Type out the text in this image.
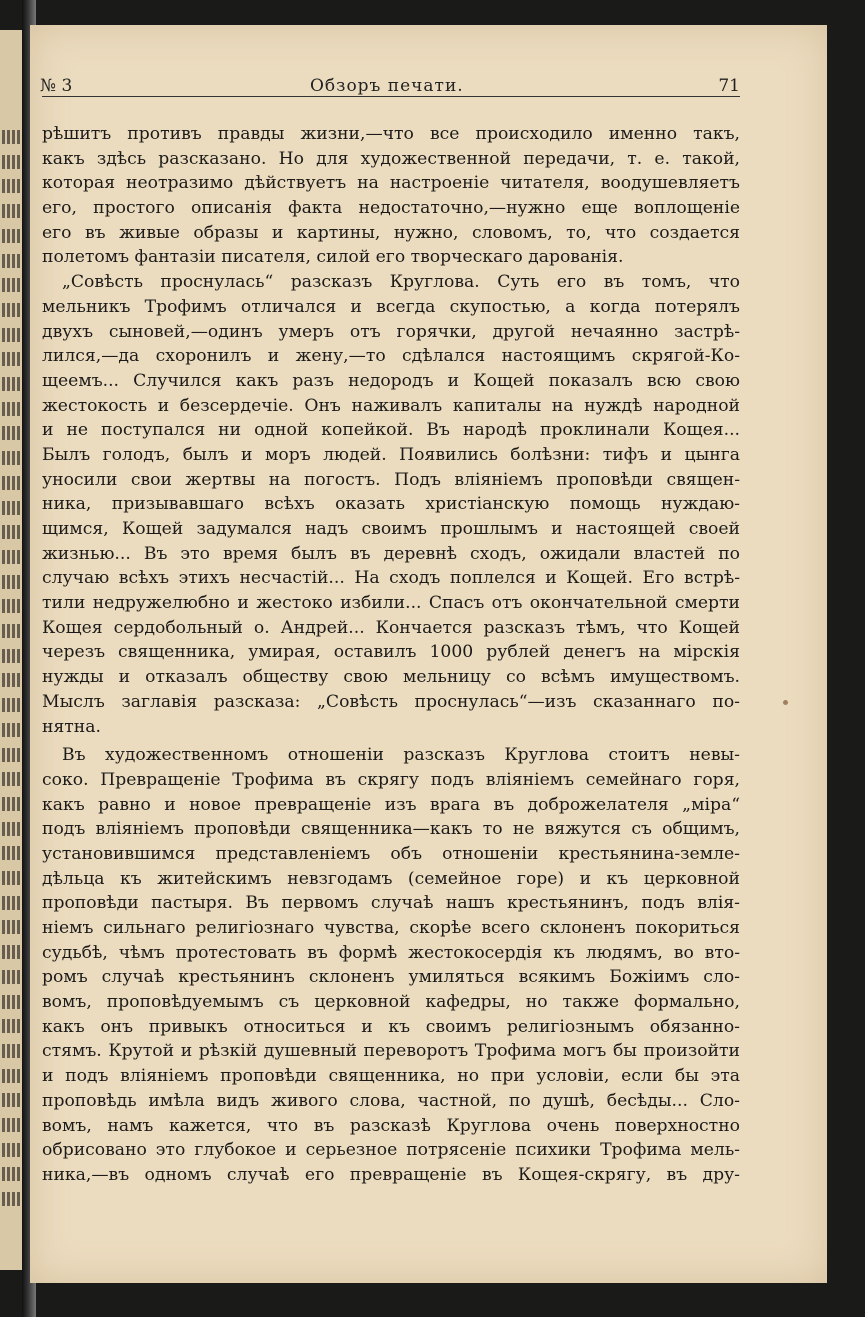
№ 3	Обзоръ печати.	71
рѣшитъ противъ правды жизни,—что все происходило именно такъ,
какъ здѣсь разсказано. Но для художественной передачи, т. е. такой,
которая неотразимо дѣйствуетъ на настроеніе читателя, воодушевляетъ
его, простого описанія факта недостаточно,—нужно еще воплощеніе
его въ живые образы и картины, нужно, словомъ, то, что создается
полетомъ фантазіи писателя, силой его творческаго дарованія.
„Совѣсть проснулась“ разсказъ Круглова. Суть его въ томъ, что
мельникъ Трофимъ отличался и всегда скупостью, а когда потерялъ
двухъ сыновей,—одинъ умеръ отъ горячки, другой нечаянно застрѣ-
лился,—да схоронилъ и жену,—то сдѣлался настоящимъ скрягой-Ко-
щеемъ... Случился какъ разъ недородъ и Кощей показалъ всю свою
жестокость и безсердечіе. Онъ наживалъ капиталы на нуждѣ народной
и не поступался ни одной копейкой. Въ народѣ проклинали Кощея...
Былъ голодъ, былъ и моръ людей. Появились болѣзни: тифъ и цынга
уносили свои жертвы на погостъ. Подъ вліяніемъ проповѣди священ-
ника, призывавшаго всѣхъ оказать христіанскую помощь нуждаю-
щимся, Кощей задумался надъ своимъ прошлымъ и настоящей своей
жизнью... Въ это время былъ въ деревнѣ сходъ, ожидали властей по
случаю всѣхъ этихъ несчастій... На сходъ поплелся и Кощей. Его встрѣ-
тили недружелюбно и жестоко избили... Спасъ отъ окончательной смерти
Кощея сердобольный о. Андрей... Кончается разсказъ тѣмъ, что Кощей
черезъ священника, умирая, оставилъ 1000 рублей денегъ на мірскія
нужды и отказалъ обществу свою мельницу со всѣмъ имуществомъ.
Мыслъ заглавія разсказа: „Совѣсть проснулась“—изъ сказаннаго по-
нятна.
Въ художественномъ отношеніи разсказъ Круглова стоитъ невы-
соко. Превращеніе Трофима въ скрягу подъ вліяніемъ семейнаго горя,
какъ равно и новое превращеніе изъ врага въ доброжелателя „міра“
подъ вліяніемъ проповѣди священника—какъ то не вяжутся съ общимъ,
установившимся представленіемъ объ отношеніи крестьянина-земле-
дѣльца къ житейскимъ невзгодамъ (семейное горе) и къ церковной
проповѣди пастыря. Въ первомъ случаѣ нашъ крестьянинъ, подъ влія-
ніемъ сильнаго религіознаго чувства, скорѣе всего склоненъ покориться
судьбѣ, чѣмъ протестовать въ формѣ жестокосердія къ людямъ, во вто-
ромъ случаѣ крестьянинъ склоненъ умиляться всякимъ Божіимъ сло-
вомъ, проповѣдуемымъ съ церковной кафедры, но также формально,
какъ онъ привыкъ относиться и къ своимъ религіознымъ обязанно-
стямъ. Крутой и рѣзкій душевный переворотъ Трофима могъ бы произойти
и подъ вліяніемъ проповѣди священника, но при условіи, если бы эта
проповѣдь имѣла видъ живого слова, частной, по душѣ, бесѣды... Сло-
вомъ, намъ кажется, что въ разсказѣ Круглова очень поверхностно
обрисовано это глубокое и серьезное потрясеніе психики Трофима мель-
ника,—въ одномъ случаѣ его превращеніе въ Кощея-скрягу, въ дру-
